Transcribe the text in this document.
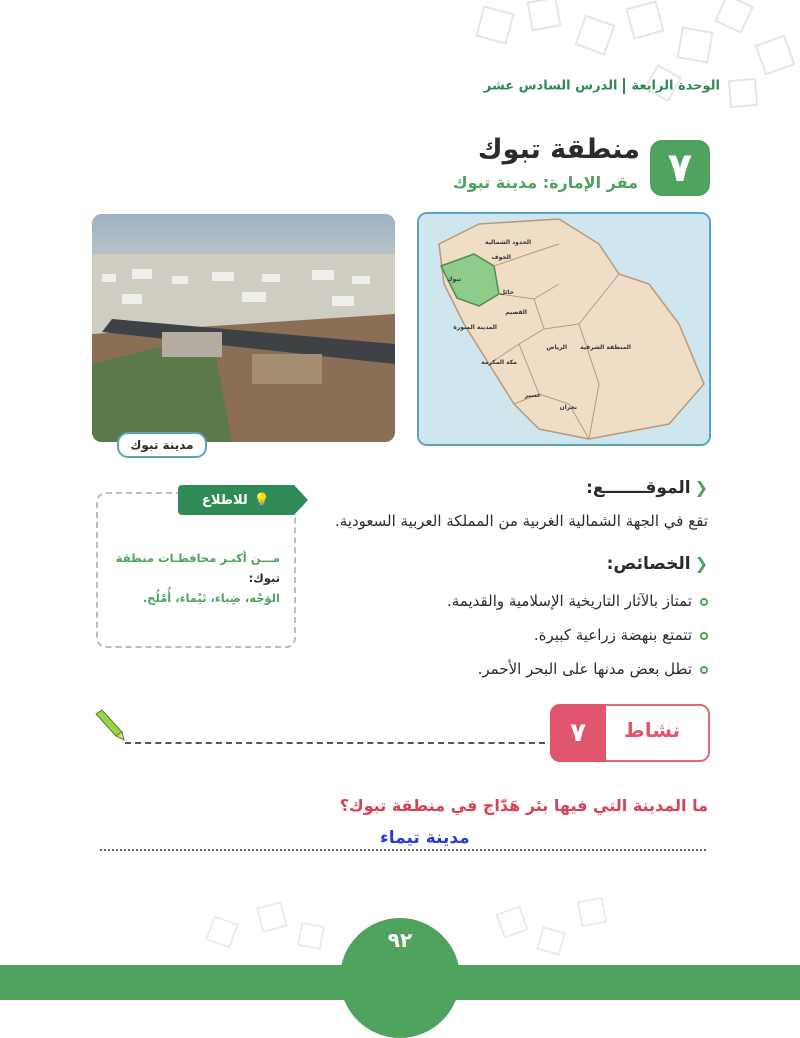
الوحدة الرابعةالدرس السادس عشر
٧
منطقة تبوك
مقر الإمارة: مدينة تبوك
الجوف
الحدود الشمالية
تبوك
حائل
القصيم
المدينة المنورة
الرياض المنطقة الشرقية
مكة المكرمة
عسير
نجران
مدينة تبوك
❮الموقـــــــع:
تقع في الجهة الشمالية الغربية من المملكة العربية السعودية.
❮الخصائص:
تمتاز بالآثار التاريخية الإسلامية والقديمة.
تتمتع بنهضة زراعية كبيرة.
تطل بعض مدنها على البحر الأحمر.
💡
للاطلاع
مـــن أكبـر محافظـات منطقة
تبوك:
الوَجْه، ضِباء، تَيْماء، أُمْلُج.
٧	نشاط
ما المدينة التي فيها بئر هَدّاج في منطقة تبوك؟
مدينة تيماء
٩٢
